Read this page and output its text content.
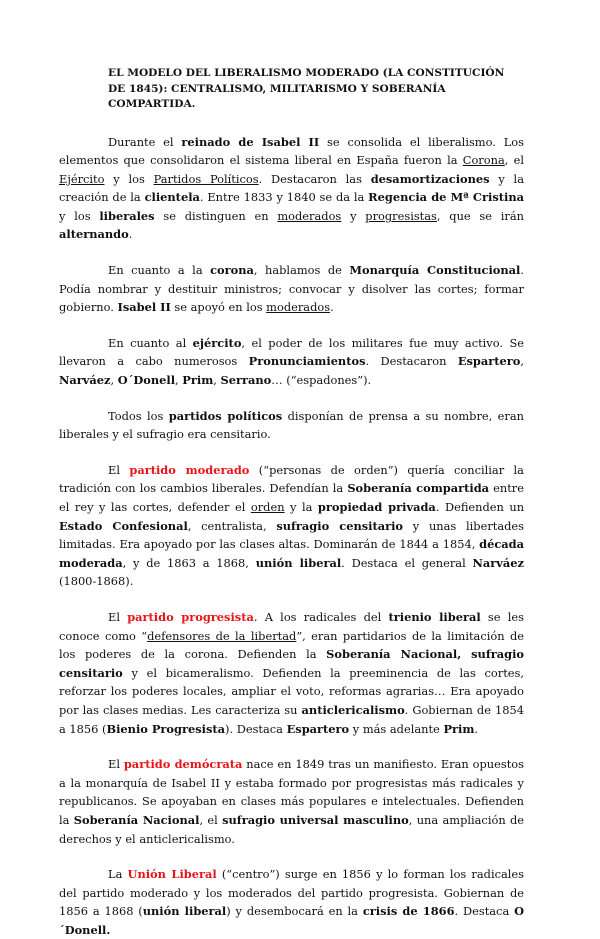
EL MODELO DEL LIBERALISMO MODERADO (LA CONSTITUCIÓN DE 1845): CENTRALISMO, MILITARISMO Y SOBERANÍA COMPARTIDA.

Durante el reinado de Isabel II se consolida el liberalismo. Los elementos que consolidaron el sistema liberal en España fueron la Corona, el Ejército y los Partidos Políticos. Destacaron las desamortizaciones y la creación de la clientela. Entre 1833 y 1840 se da la Regencia de Mª Cristina y los liberales se distinguen en moderados y progresistas, que se irán alternando.

En cuanto a la corona, hablamos de Monarquía Constitucional. Podía nombrar y destituir ministros; convocar y disolver las cortes; formar gobierno. Isabel II se apoyó en los moderados.

En cuanto al ejército, el poder de los militares fue muy activo. Se llevaron a cabo numerosos Pronunciamientos. Destacaron Espartero, Narváez, O´Donell, Prim, Serrano… (“espadones”).

Todos los partidos políticos disponían de prensa a su nombre, eran liberales y el sufragio era censitario.

El partido moderado (“personas de orden”) quería conciliar la tradición con los cambios liberales. Defendían la Soberanía compartida entre el rey y las cortes, defender el orden y la propiedad privada. Defienden un Estado Confesional, centralista, sufragio censitario y unas libertades limitadas. Era apoyado por las clases altas. Dominarán de 1844 a 1854, década moderada, y de 1863 a 1868, unión liberal. Destaca el general Narváez (1800-1868).

El partido progresista. A los radicales del trienio liberal se les conoce como “defensores de la libertad”, eran partidarios de la limitación de los poderes de la corona. Defienden la Soberanía Nacional, sufragio censitario y el bicameralismo. Defienden la preeminencia de las cortes, reforzar los poderes locales, ampliar el voto, reformas agrarias… Era apoyado por las clases medias. Les caracteriza su anticlericalismo. Gobiernan de 1854 a 1856 (Bienio Progresista). Destaca Espartero y más adelante Prim.

El partido demócrata nace en 1849 tras un manifiesto. Eran opuestos a la monarquía de Isabel II y estaba formado por progresistas más radicales y republicanos. Se apoyaban en clases más populares e intelectuales. Defienden la Soberanía Nacional, el sufragio universal masculino, una ampliación de derechos y el anticlericalismo.

La Unión Liberal (“centro”) surge en 1856 y lo forman los radicales del partido moderado y los moderados del partido progresista. Gobiernan de 1856 a 1868 (unión liberal) y desembocará en la crisis de 1866. Destaca O´Donell.
